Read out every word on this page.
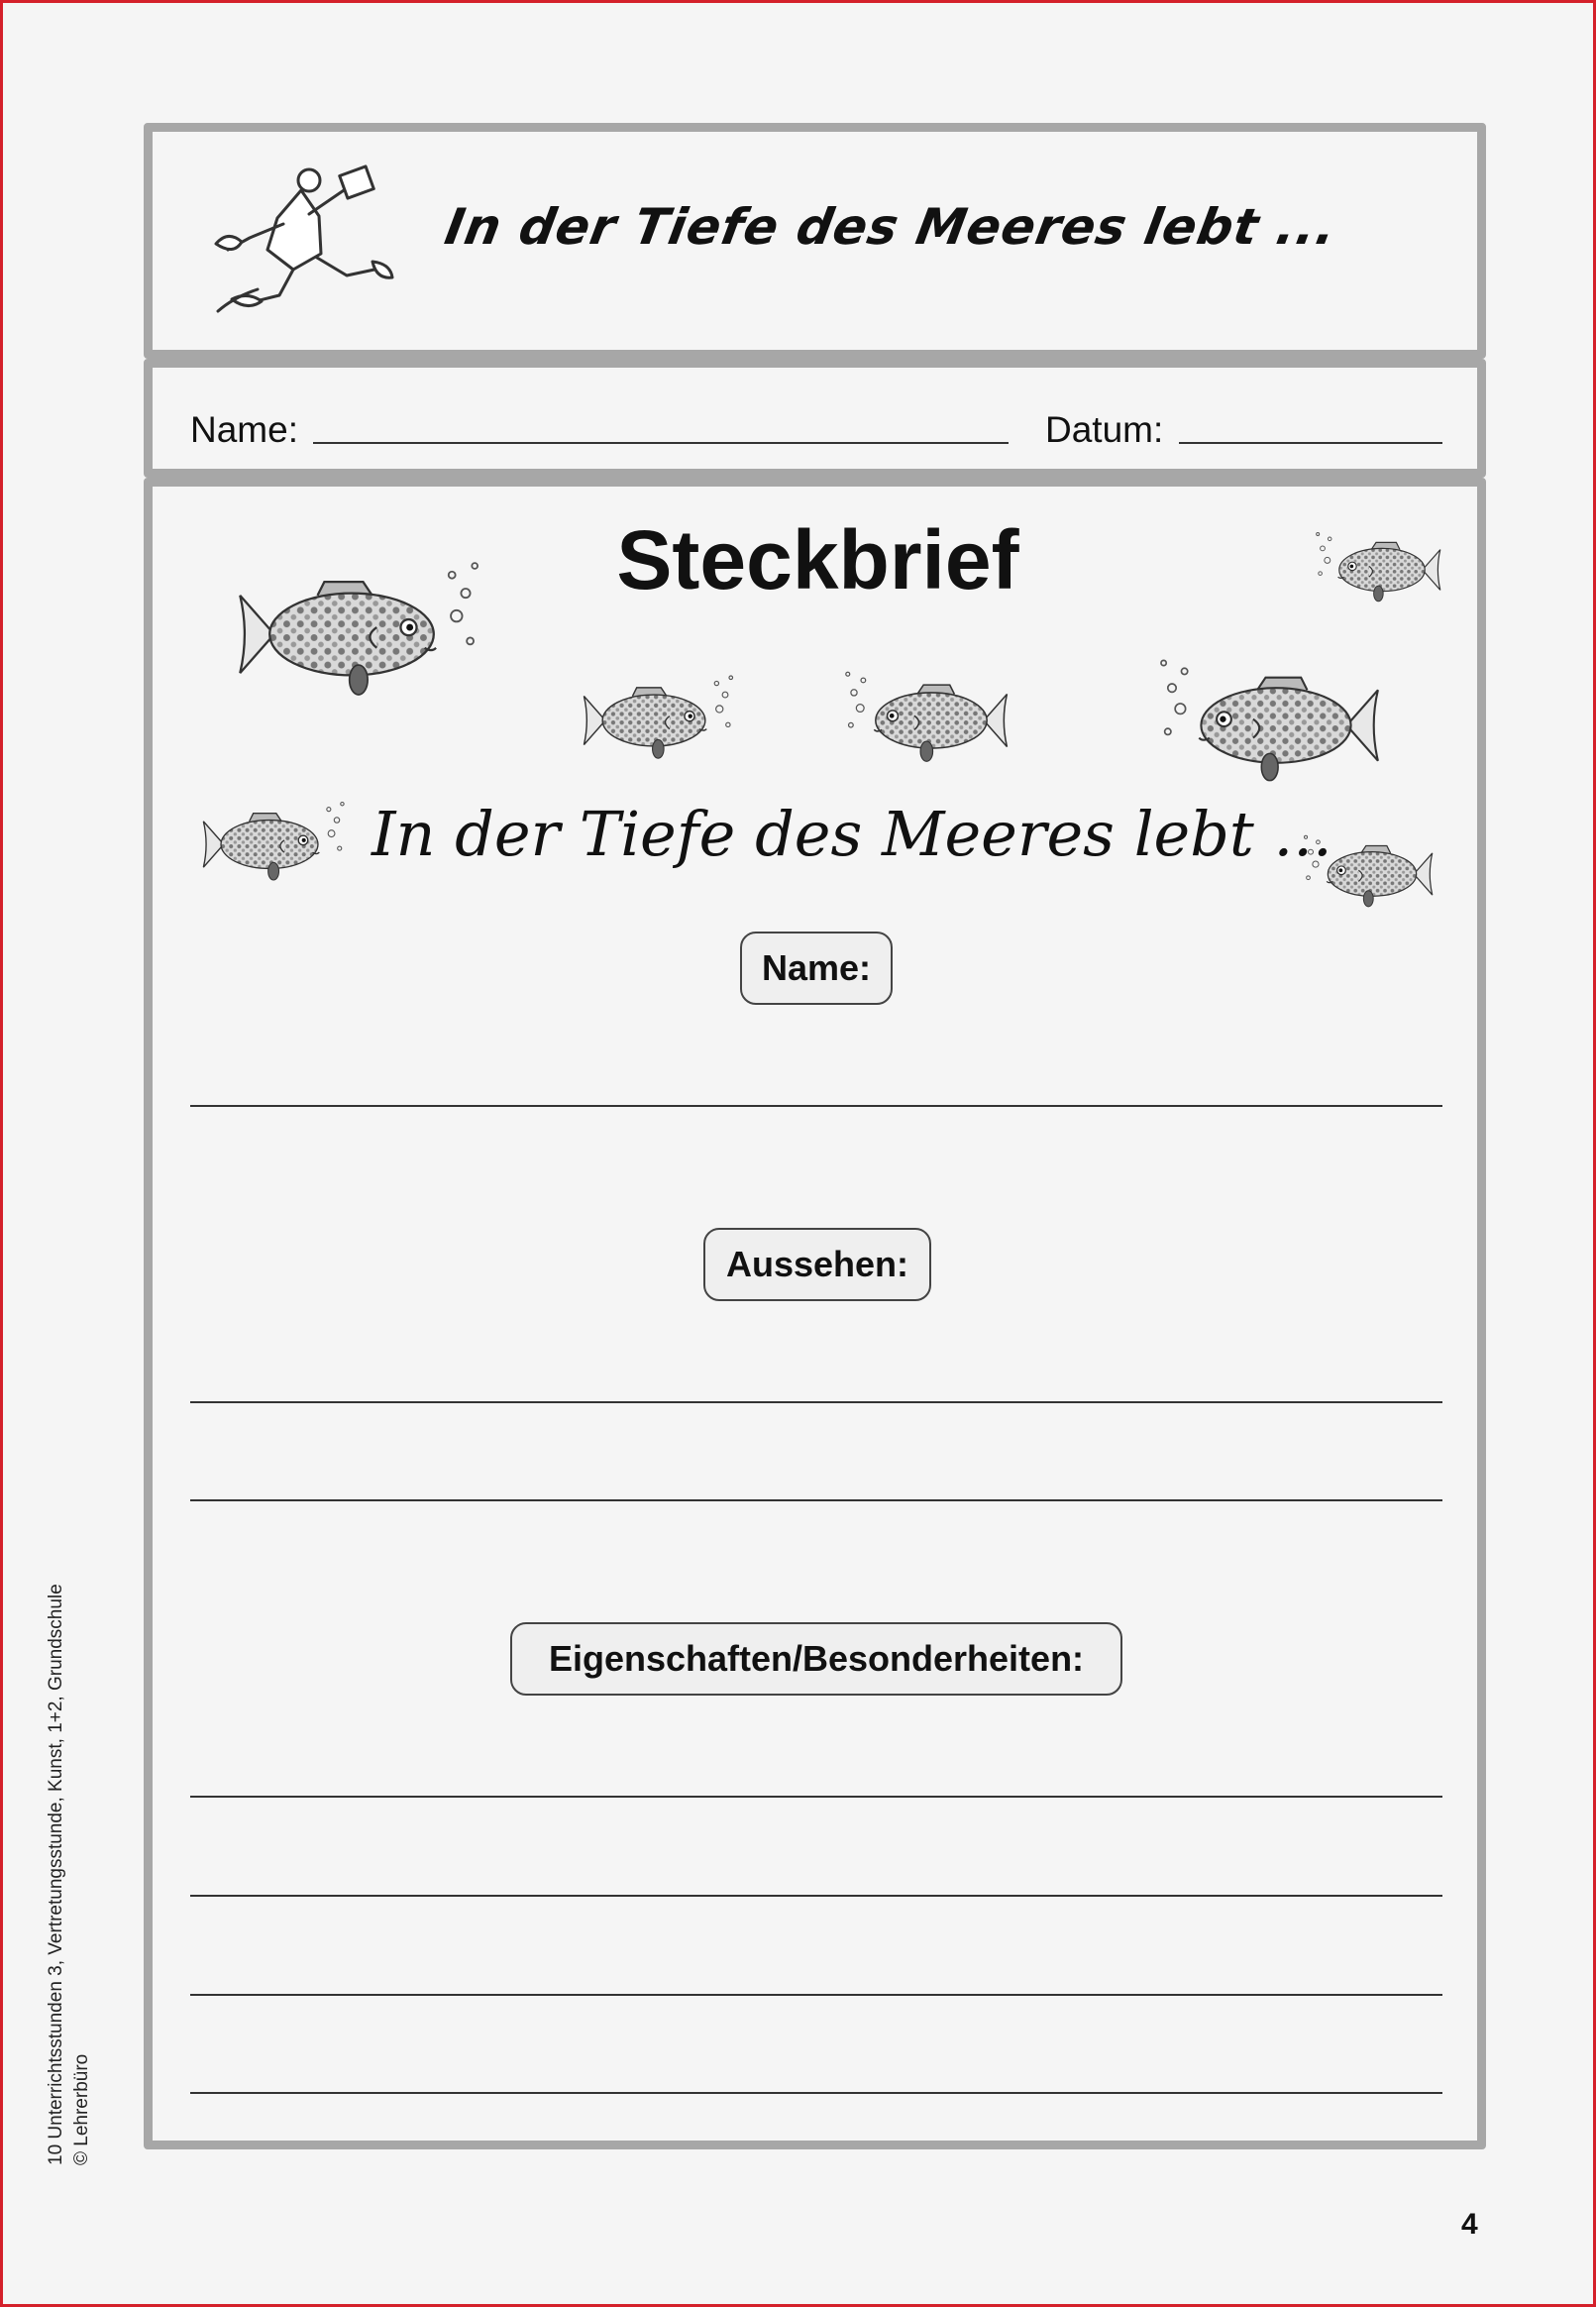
In der Tiefe des Meeres lebt ...
Name:	Datum:
Steckbrief
In der Tiefe des Meeres lebt ...
Name:
Aussehen:
Eigenschaften/Besonderheiten:
10 Unterrichtsstunden 3, Vertretungsstunde, Kunst, 1+2, Grundschule © Lehrerbüro
4
